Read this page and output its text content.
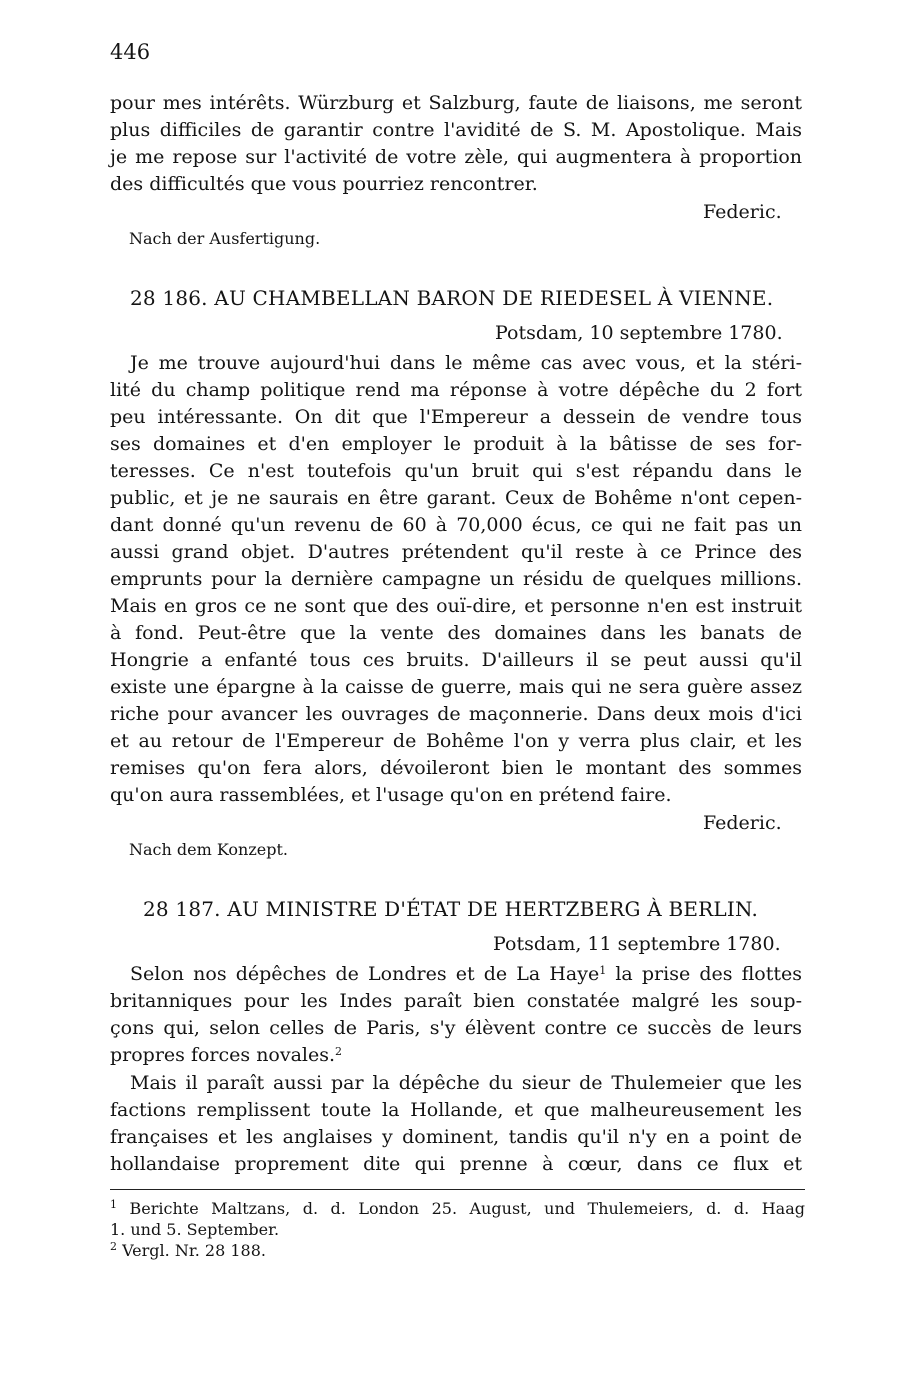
446
pour mes intérêts. Würzburg et Salzburg, faute de liaisons, me seront
plus difficiles de garantir contre l'avidité de S. M. Apostolique. Mais
je me repose sur l'activité de votre zèle, qui augmentera à proportion
des difficultés que vous pourriez rencontrer.
Federic.
Nach der Ausfertigung.
28 186. AU CHAMBELLAN BARON DE RIEDESEL À VIENNE.
Potsdam, 10 septembre 1780.
Je me trouve aujourd'hui dans le même cas avec vous, et la stéri-
lité du champ politique rend ma réponse à votre dépêche du 2 fort
peu intéressante. On dit que l'Empereur a dessein de vendre tous
ses domaines et d'en employer le produit à la bâtisse de ses for-
teresses. Ce n'est toutefois qu'un bruit qui s'est répandu dans le
public, et je ne saurais en être garant. Ceux de Bohême n'ont cepen-
dant donné qu'un revenu de 60 à 70,000 écus, ce qui ne fait pas un
aussi grand objet. D'autres prétendent qu'il reste à ce Prince des
emprunts pour la dernière campagne un résidu de quelques millions.
Mais en gros ce ne sont que des ouï-dire, et personne n'en est instruit
à fond. Peut-être que la vente des domaines dans les banats de
Hongrie a enfanté tous ces bruits. D'ailleurs il se peut aussi qu'il
existe une épargne à la caisse de guerre, mais qui ne sera guère assez
riche pour avancer les ouvrages de maçonnerie. Dans deux mois d'ici
et au retour de l'Empereur de Bohême l'on y verra plus clair, et les
remises qu'on fera alors, dévoileront bien le montant des sommes
qu'on aura rassemblées, et l'usage qu'on en prétend faire.
Federic.
Nach dem Konzept.
28 187. AU MINISTRE D'ÉTAT DE HERTZBERG À BERLIN.
Potsdam, 11 septembre 1780.
Selon nos dépêches de Londres et de La Haye$^1$ la prise des flottes
britanniques pour les Indes paraît bien constatée malgré les soup-
çons qui, selon celles de Paris, s'y élèvent contre ce succès de leurs
propres forces novales.$^2$
Mais il paraît aussi par la dépêche du sieur de Thulemeier que les
factions remplissent toute la Hollande, et que malheureusement les
françaises et les anglaises y dominent, tandis qu'il n'y en a point de
hollandaise proprement dite qui prenne à cœur, dans ce flux et
$^1$ Berichte Maltzans, d. d. London 25. August, und Thulemeiers, d. d. Haag
1. und 5. September.
$^2$ Vergl. Nr. 28 188.
